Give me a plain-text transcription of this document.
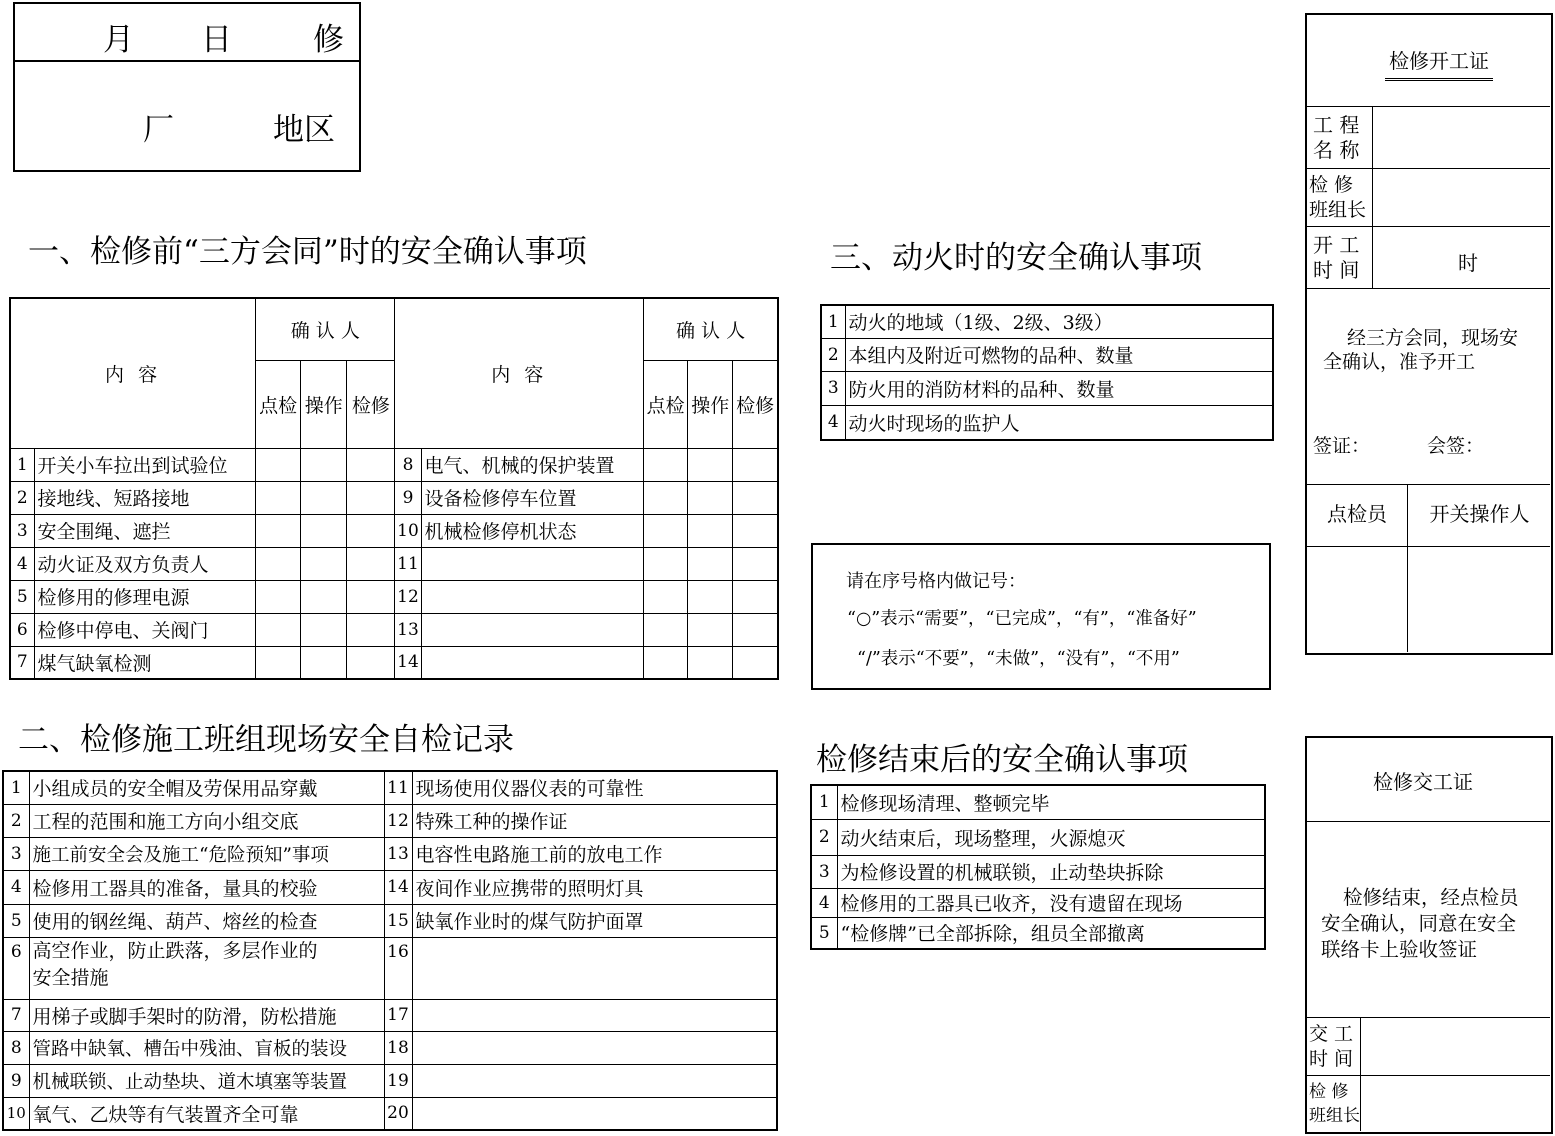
月 日	修
厂	地区
一、检修前“三方会同”时的安全确认事项
内 容		确 认 人			内 容		确 认 人		
		点检	操作	检修			点检	操作	检修
1	开关小车拉出到试验位				8	电气、机械的保护装置			
2	接地线、短路接地				9	设备检修停车位置			
3	安全围绳、遮拦				10	机械检修停机状态			
4	动火证及双方负责人				11				
5	检修用的修理电源				12				
6	检修中停电、关阀门				13				
7	煤气缺氧检测				14				
二、检修施工班组现场安全自检记录
1	小组成员的安全帽及劳保用品穿戴	11	现场使用仪器仪表的可靠性
2	工程的范围和施工方向小组交底	12	特殊工种的操作证
3	施工前安全会及施工“危险预知”事项	13	电容性电路施工前的放电工作
4	检修用工器具的准备，量具的校验	14	夜间作业应携带的照明灯具
5	使用的钢丝绳、葫芦、熔丝的检查	15	缺氧作业时的煤气防护面罩
6	高空作业，防止跌落，多层作业的
安全措施	16	
7	用梯子或脚手架时的防滑，防松措施	17	
8	管路中缺氧、槽缶中残油、盲板的装设	18	
9	机械联锁、止动垫块、道木填塞等装置	19	
10	氧气、乙炔等有气装置齐全可靠	20	
三、动火时的安全确认事项
1	动火的地域（1级、2级、3级）
2	本组内及附近可燃物的品种、数量
3	防火用的消防材料的品种、数量
4	动火时现场的监护人
请在序号格内做记号：
“○”表示“需要”，“已完成”，“有”，“准备好”
“/”表示“不要”，“未做”，“没有”，“不用”
检修结束后的安全确认事项
1	检修现场清理、整顿完毕
2	动火结束后，现场整理，火源熄灭
3	为检修设置的机械联锁，止动垫块拆除
4	检修用的工器具已收齐，没有遗留在现场
5	“检修牌”已全部拆除，组员全部撤离
检修开工证
工 程
名 称
检 修
班组长
开 工
时 间	时
经三方会同，现场安
全确认，准予开工
签证：	会签：
点检员	开关操作人
检修交工证
检修结束，经点检员
安全确认，同意在安全
联络卡上验收签证
交 工
时 间
检 修
班组长
